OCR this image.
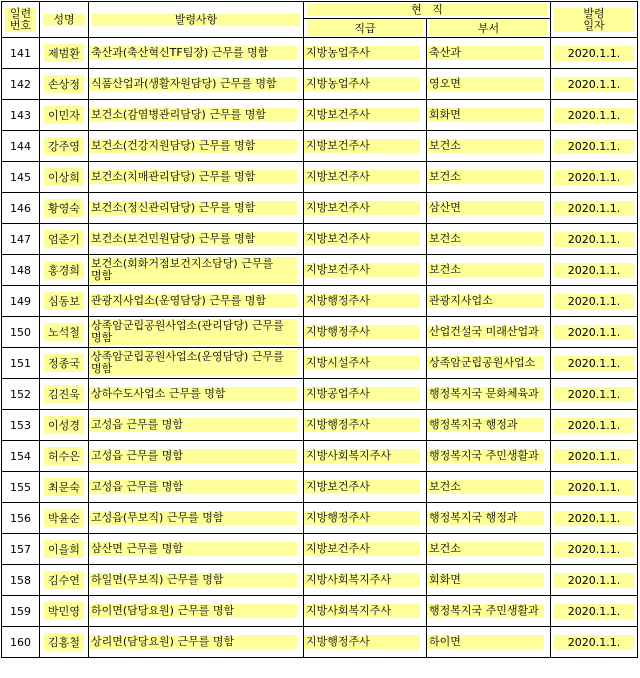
일련
번호	성명	발령사항	현   직		발령
일자

			직급	부서	

141	제범환	축산과(축산혁신TF팀장) 근무를 명함	지방농업주사	축산과	2020.1.1.

142	손상정	식품산업과(생활자원담당) 근무를 명함	지방농업주사	영오면	2020.1.1.

143	이민자	보건소(감염병관리담당) 근무를 명함	지방보건주사	회화면	2020.1.1.

144	강주영	보건소(건강지원담당) 근무를 명함	지방보건주사	보건소	2020.1.1.

145	이상희	보건소(치매관리담당) 근무를 명함	지방보건주사	보건소	2020.1.1.

146	황영숙	보건소(정신관리담당) 근무를 명함	지방보건주사	삼산면	2020.1.1.

147	엄준기	보건소(보건민원담당) 근무를 명함	지방보건주사	보건소	2020.1.1.

148	홍경희	보건소(회화거점보건지소담당) 근무를 명함	지방보건주사	보건소	2020.1.1.

149	심동보	관광지사업소(운영담당) 근무를 명함	지방행정주사	관광지사업소	2020.1.1.

150	노석철	상족암군립공원사업소(관리담당) 근무를 명함	지방행정주사	산업건설국 미래산업과	2020.1.1.

151	정종국	상족암군립공원사업소(운영담당) 근무를 명함	지방시설주사	상족암군립공원사업소	2020.1.1.

152	김진욱	상하수도사업소 근무를 명함	지방공업주사	행정복지국 문화체육과	2020.1.1.

153	이성경	고성읍 근무를 명함	지방행정주사	행정복지국 행정과	2020.1.1.

154	허수은	고성읍 근무를 명함	지방사회복지주사	행정복지국 주민생활과	2020.1.1.

155	최문숙	고성읍 근무를 명함	지방보건주사	보건소	2020.1.1.

156	박윤순	고성읍(무보직) 근무를 명함	지방행정주사	행정복지국 행정과	2020.1.1.

157	이을희	삼산면 근무를 명함	지방보건주사	보건소	2020.1.1.

158	김수연	하일면(무보직) 근무를 명함	지방사회복지주사	회화면	2020.1.1.

159	박민영	하이면(담당요원) 근무를 명함	지방사회복지주사	행정복지국 주민생활과	2020.1.1.

160	김홍철	상리면(담당요원) 근무를 명함	지방행정주사	하이면	2020.1.1.
